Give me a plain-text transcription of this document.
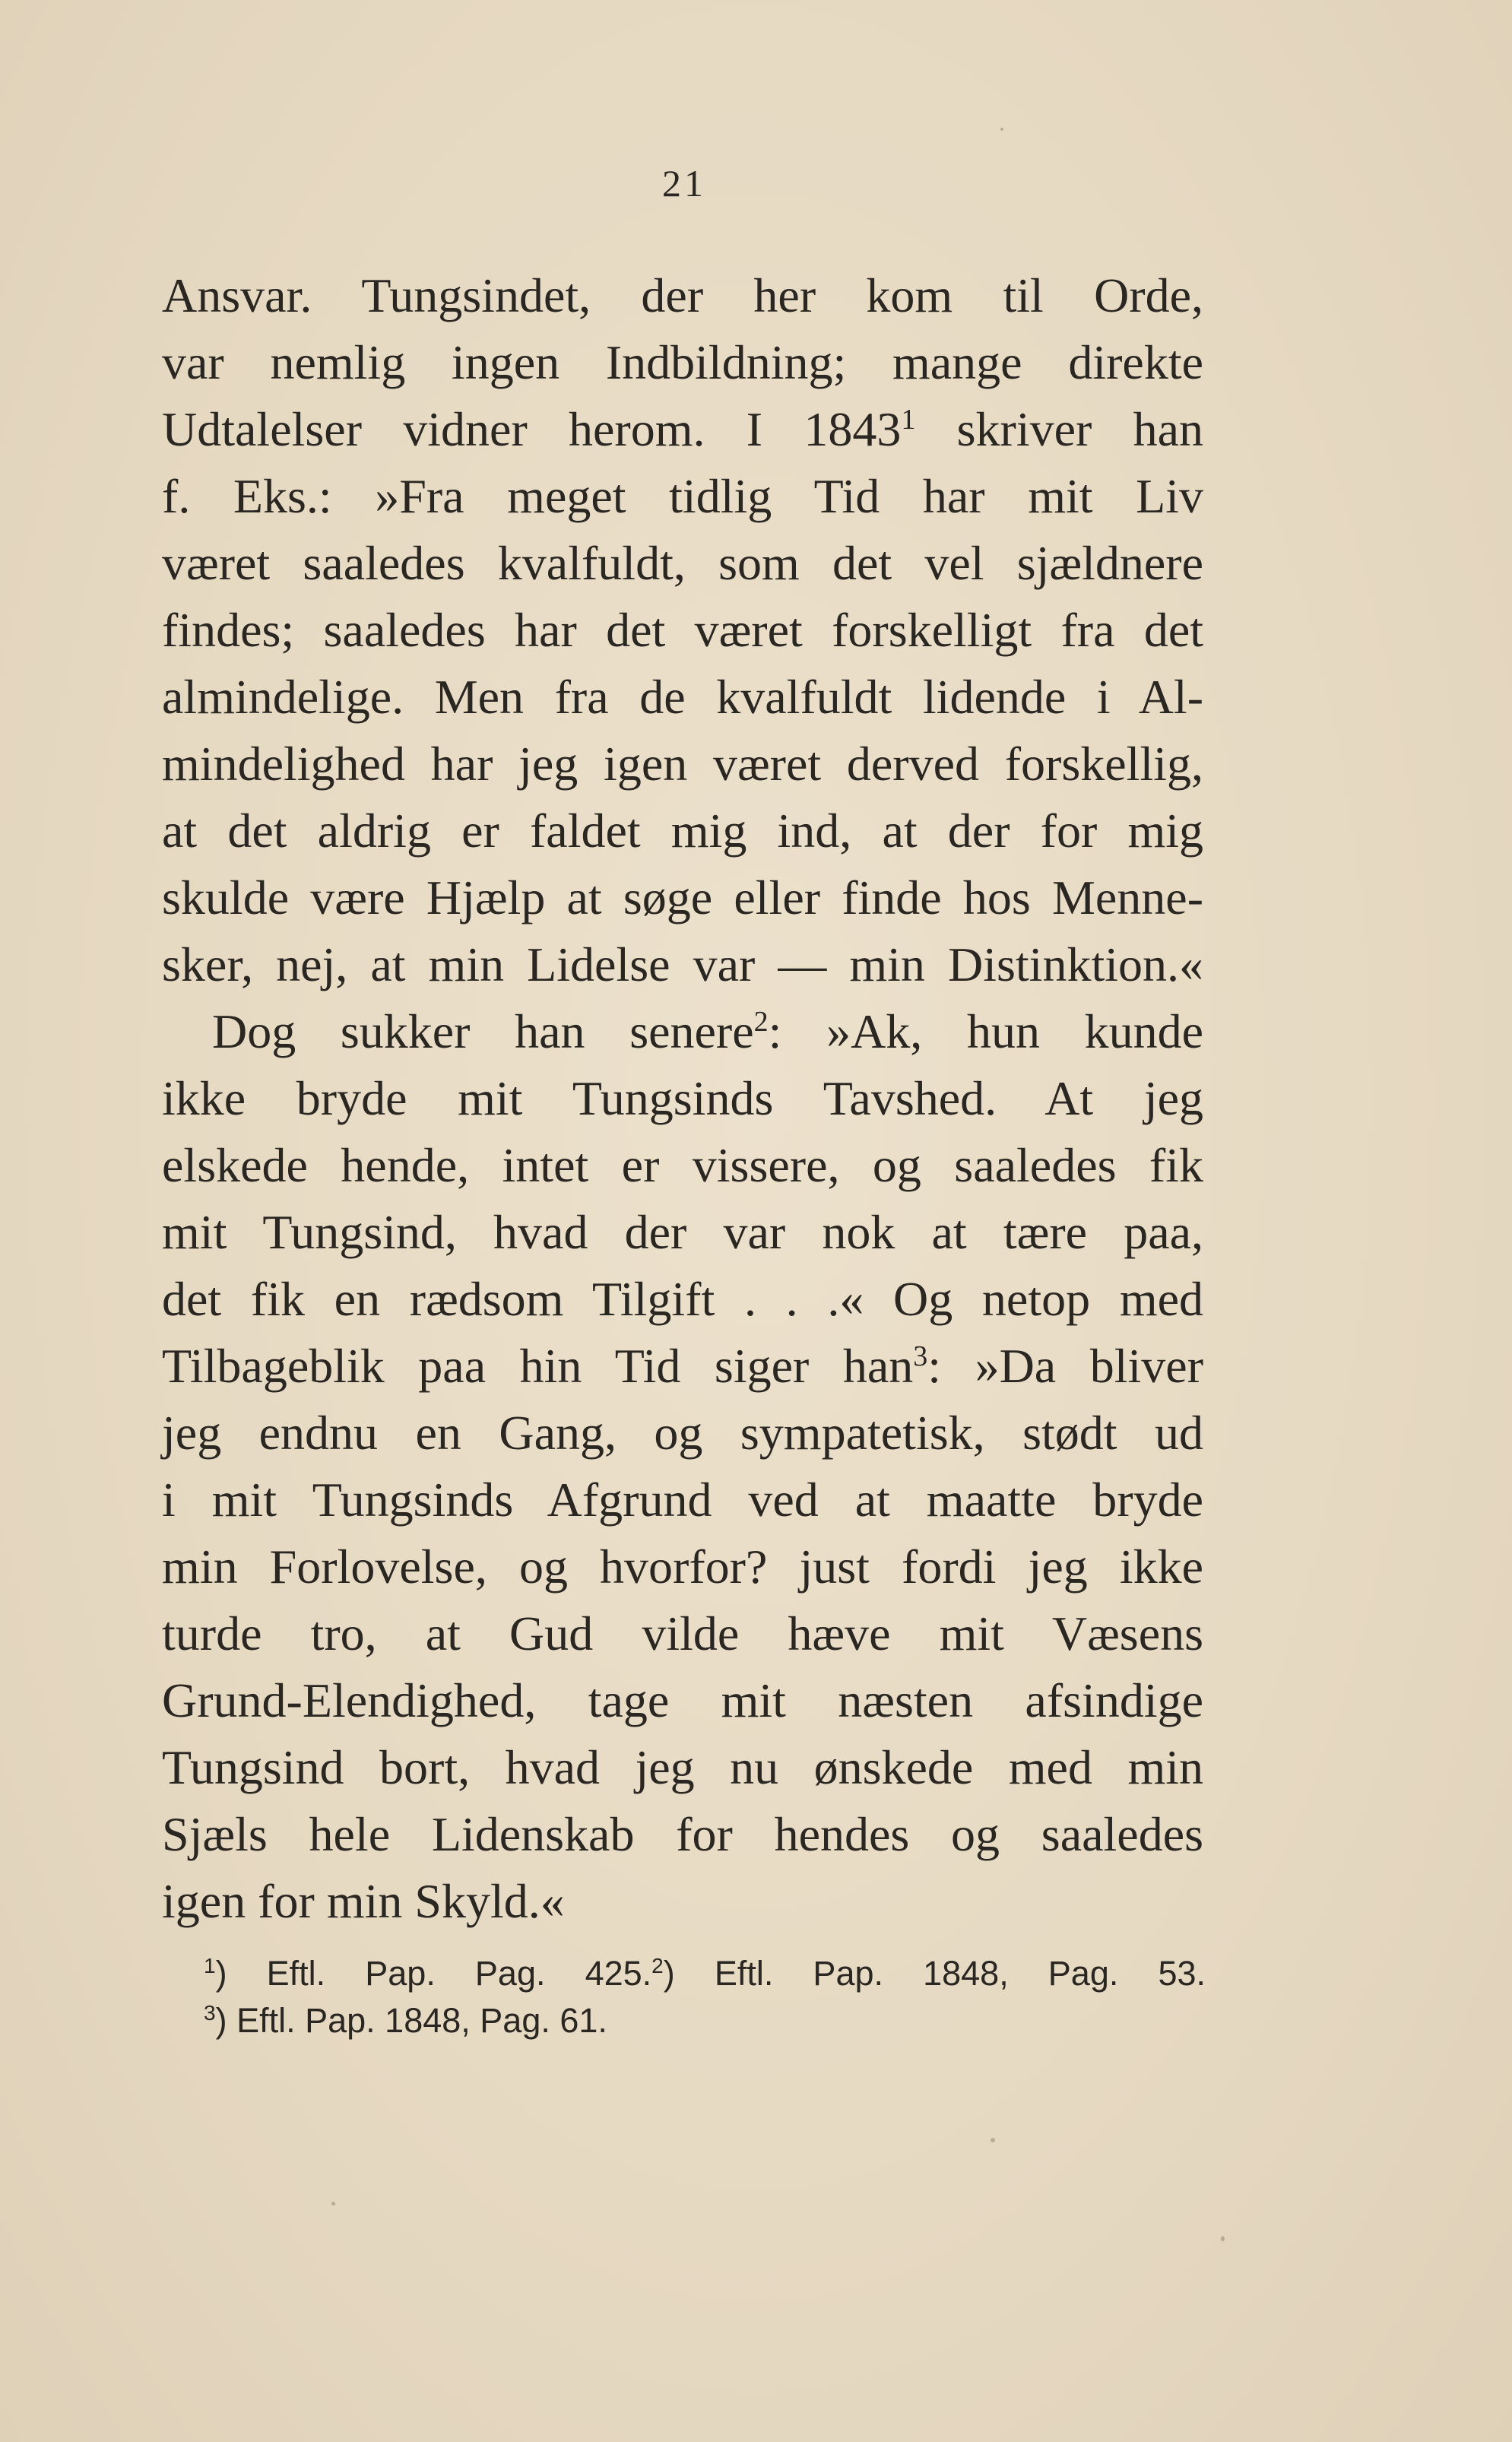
21
Ansvar. Tungsindet, der her kom til Orde,
var nemlig ingen Indbildning; mange direkte
Udtalelser vidner herom. I 1843$^1$ skriver han
f. Eks.: »Fra meget tidlig Tid har mit Liv
været saaledes kvalfuldt, som det vel sjældnere
findes; saaledes har det været forskelligt fra det
almindelige. Men fra de kvalfuldt lidende i Al-
mindelighed har jeg igen været derved forskellig,
at det aldrig er faldet mig ind, at der for mig
skulde være Hjælp at søge eller finde hos Menne-
sker, nej, at min Lidelse var — min Distinktion.«
Dog sukker han senere$^2$: »Ak, hun kunde
ikke bryde mit Tungsinds Tavshed. At jeg
elskede hende, intet er vissere, og saaledes fik
mit Tungsind, hvad der var nok at tære paa,
det fik en rædsom Tilgift . . .« Og netop med
Tilbageblik paa hin Tid siger han$^3$: »Da bliver
jeg endnu en Gang, og sympatetisk, stødt ud
i mit Tungsinds Afgrund ved at maatte bryde
min Forlovelse, og hvorfor? just fordi jeg ikke
turde tro, at Gud vilde hæve mit Væsens
Grund-Elendighed, tage mit næsten afsindige
Tungsind bort, hvad jeg nu ønskede med min
Sjæls hele Lidenskab for hendes og saaledes
igen for min Skyld.«
$^1$) Eftl. Pap. Pag. 425.$^2$) Eftl. Pap. 1848, Pag. 53.
$^3$) Eftl. Pap. 1848, Pag. 61.
